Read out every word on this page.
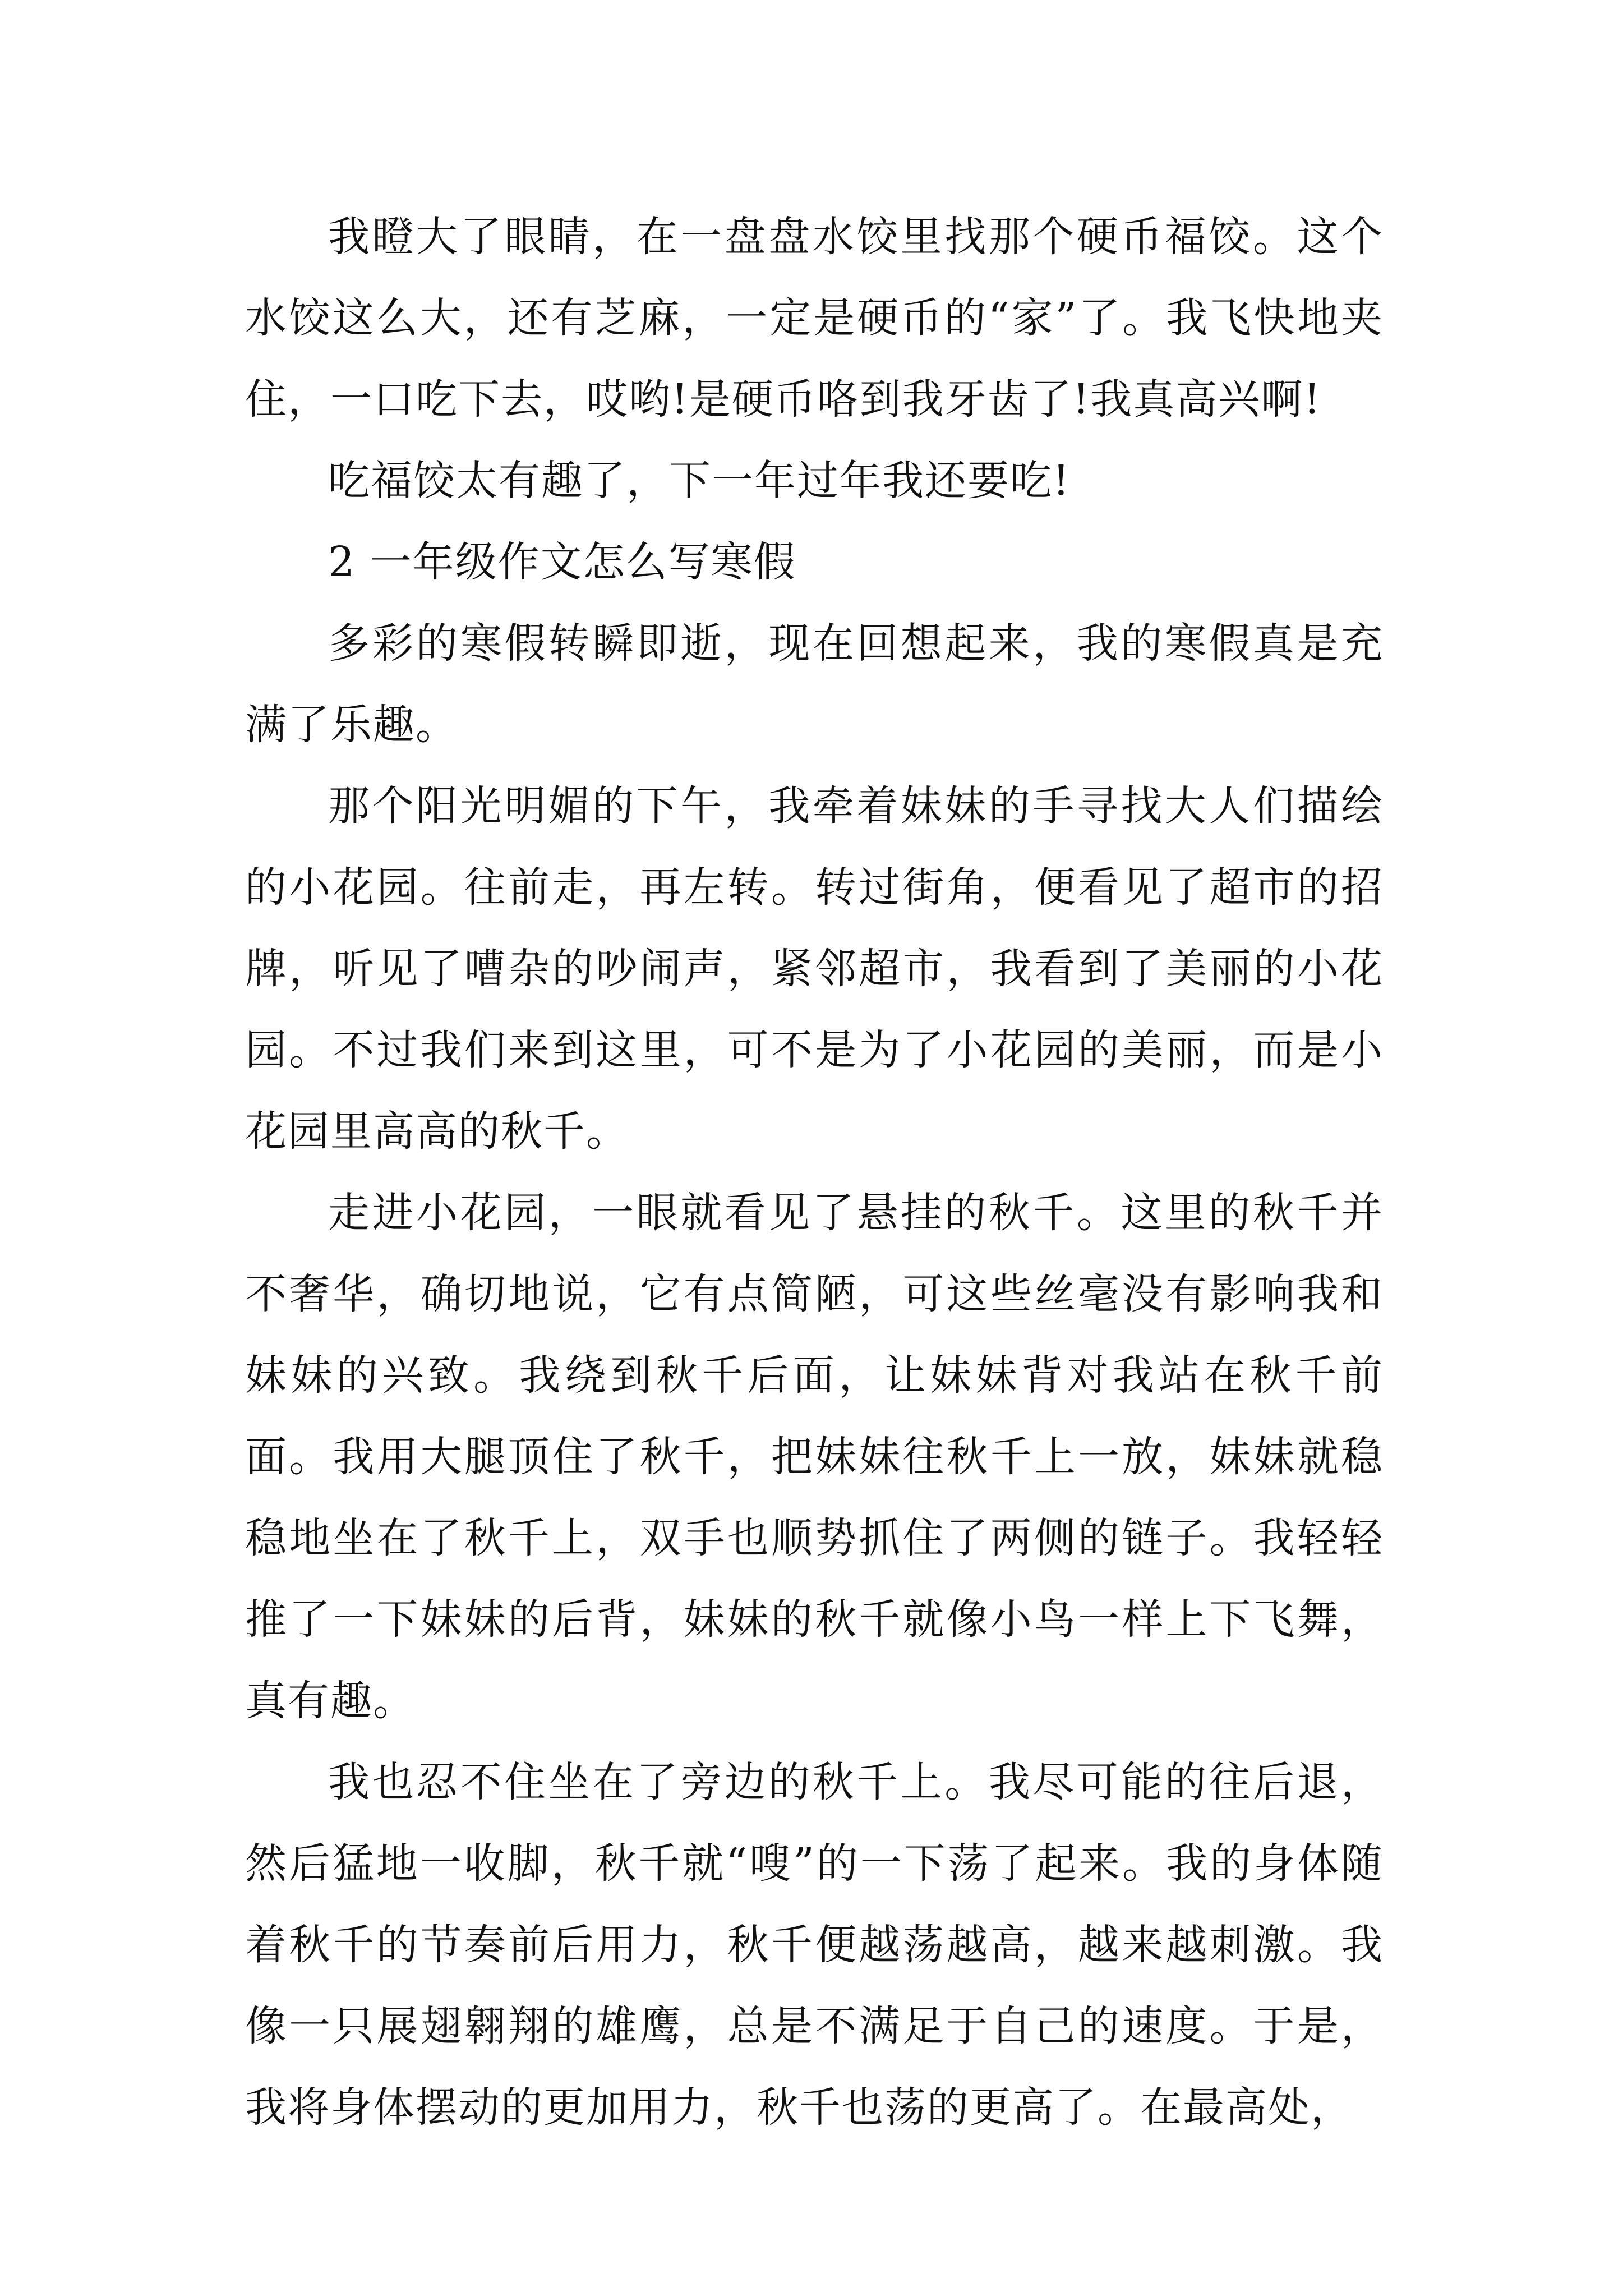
我瞪大了眼睛，在一盘盘水饺里找那个硬币福饺。这个水饺这么大，还有芝麻，一定是硬币的“家”了。我飞快地夹住，一口吃下去，哎哟!是硬币咯到我牙齿了!我真高兴啊!

吃福饺太有趣了，下一年过年我还要吃!

2 一年级作文怎么写寒假

多彩的寒假转瞬即逝，现在回想起来，我的寒假真是充满了乐趣。

那个阳光明媚的下午，我牵着妹妹的手寻找大人们描绘的小花园。往前走，再左转。转过街角，便看见了超市的招牌，听见了嘈杂的吵闹声，紧邻超市，我看到了美丽的小花园。不过我们来到这里，可不是为了小花园的美丽，而是小花园里高高的秋千。

走进小花园，一眼就看见了悬挂的秋千。这里的秋千并不奢华，确切地说，它有点简陋，可这些丝毫没有影响我和妹妹的兴致。我绕到秋千后面，让妹妹背对我站在秋千前面。我用大腿顶住了秋千，把妹妹往秋千上一放，妹妹就稳稳地坐在了秋千上，双手也顺势抓住了两侧的链子。我轻轻推了一下妹妹的后背，妹妹的秋千就像小鸟一样上下飞舞，真有趣。

我也忍不住坐在了旁边的秋千上。我尽可能的往后退，然后猛地一收脚，秋千就“嗖”的一下荡了起来。我的身体随着秋千的节奏前后用力，秋千便越荡越高，越来越刺激。我像一只展翅翱翔的雄鹰，总是不满足于自己的速度。于是，我将身体摆动的更加用力，秋千也荡的更高了。在最高处，
